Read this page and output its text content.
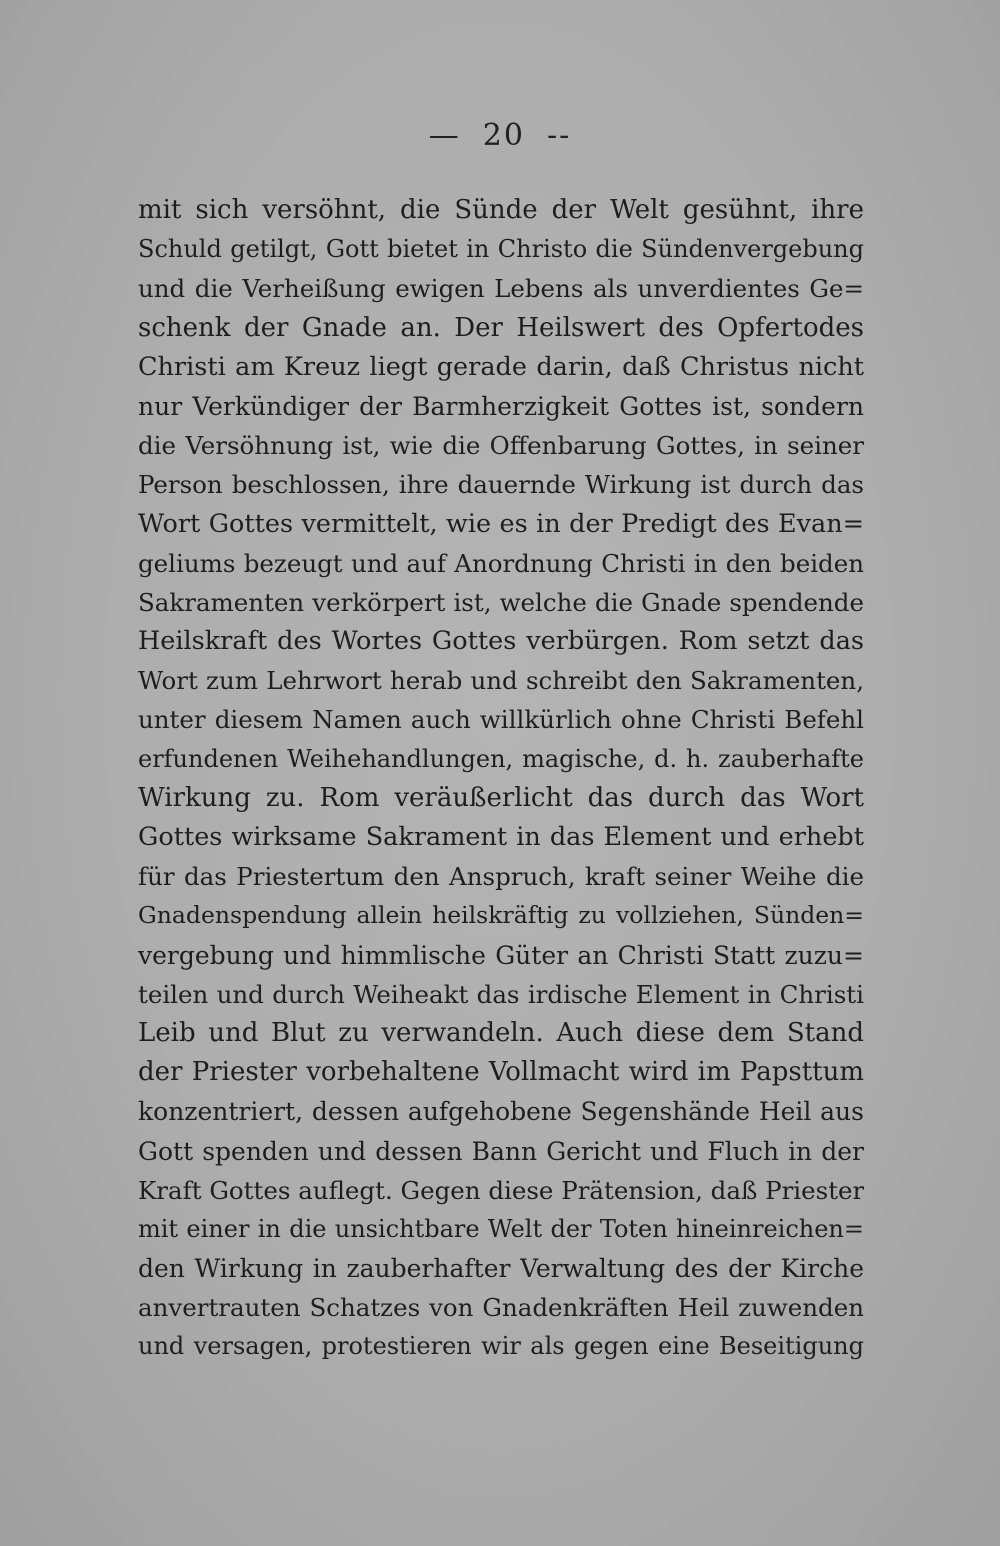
— 20 --
mit sich versöhnt, die Sünde der Welt gesühnt, ihre
Schuld getilgt, Gott bietet in Christo die Sündenvergebung
und die Verheißung ewigen Lebens als unverdientes Ge=
schenk der Gnade an. Der Heilswert des Opfertodes
Christi am Kreuz liegt gerade darin, daß Christus nicht
nur Verkündiger der Barmherzigkeit Gottes ist, sondern
die Versöhnung ist, wie die Offenbarung Gottes, in seiner
Person beschlossen, ihre dauernde Wirkung ist durch das
Wort Gottes vermittelt, wie es in der Predigt des Evan=
geliums bezeugt und auf Anordnung Christi in den beiden
Sakramenten verkörpert ist, welche die Gnade spendende
Heilskraft des Wortes Gottes verbürgen. Rom setzt das
Wort zum Lehrwort herab und schreibt den Sakramenten,
unter diesem Namen auch willkürlich ohne Christi Befehl
erfundenen Weihehandlungen, magische, d. h. zauberhafte
Wirkung zu. Rom veräußerlicht das durch das Wort
Gottes wirksame Sakrament in das Element und erhebt
für das Priestertum den Anspruch, kraft seiner Weihe die
Gnadenspendung allein heilskräftig zu vollziehen, Sünden=
vergebung und himmlische Güter an Christi Statt zuzu=
teilen und durch Weiheakt das irdische Element in Christi
Leib und Blut zu verwandeln. Auch diese dem Stand
der Priester vorbehaltene Vollmacht wird im Papsttum
konzentriert, dessen aufgehobene Segenshände Heil aus
Gott spenden und dessen Bann Gericht und Fluch in der
Kraft Gottes auflegt. Gegen diese Prätension, daß Priester
mit einer in die unsichtbare Welt der Toten hineinreichen=
den Wirkung in zauberhafter Verwaltung des der Kirche
anvertrauten Schatzes von Gnadenkräften Heil zuwenden
und versagen, protestieren wir als gegen eine Beseitigung
